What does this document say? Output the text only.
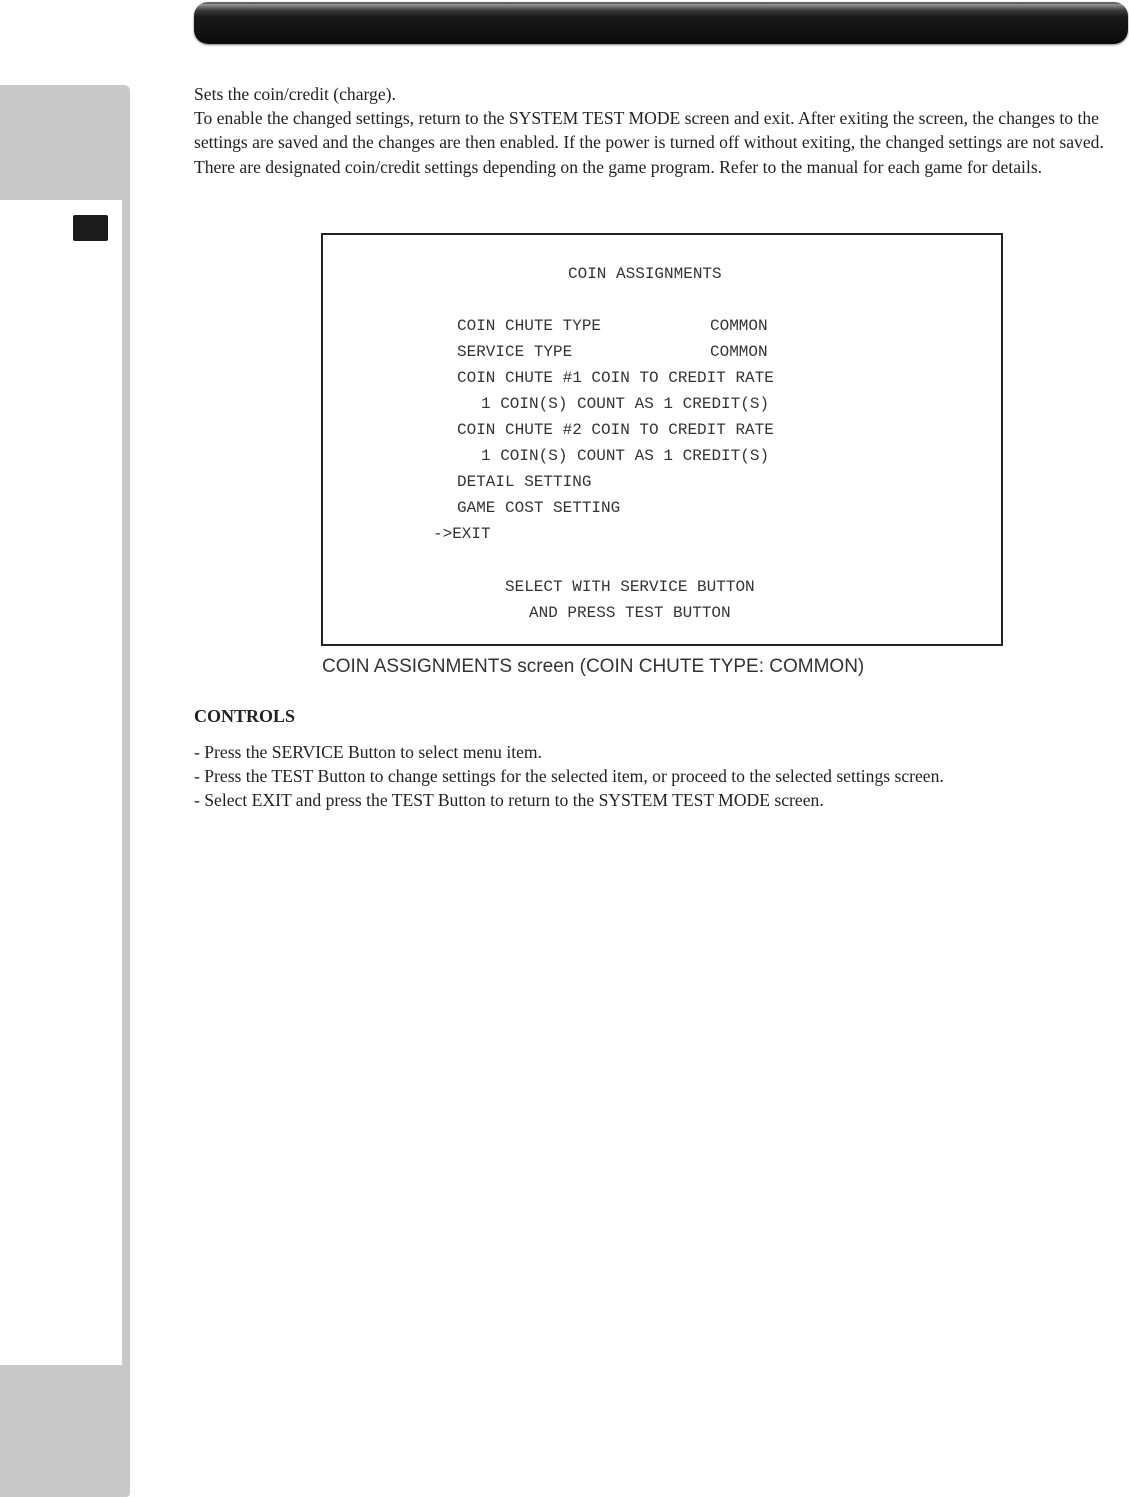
Sets the coin/credit (charge).

To enable the changed settings, return to the SYSTEM TEST MODE screen and exit. After exiting the screen, the changes to the settings are saved and the changes are then enabled. If the power is turned off without exiting, the changed settings are not saved.

There are designated coin/credit settings depending on the game program. Refer to the manual for each game for details.

COIN ASSIGNMENTS
COIN CHUTE TYPE	COMMON
SERVICE TYPE	COMMON
COIN CHUTE #1 COIN TO CREDIT RATE
1 COIN(S) COUNT AS 1 CREDIT(S)
COIN CHUTE #2 COIN TO CREDIT RATE
1 COIN(S) COUNT AS 1 CREDIT(S)
DETAIL SETTING
GAME COST SETTING
->EXIT
SELECT WITH SERVICE BUTTON
AND PRESS TEST BUTTON
COIN ASSIGNMENTS screen (COIN CHUTE TYPE: COMMON)
CONTROLS
- Press the SERVICE Button to select menu item.
- Press the TEST Button to change settings for the selected item, or proceed to the selected settings screen.
- Select EXIT and press the TEST Button to return to the SYSTEM TEST MODE screen.
